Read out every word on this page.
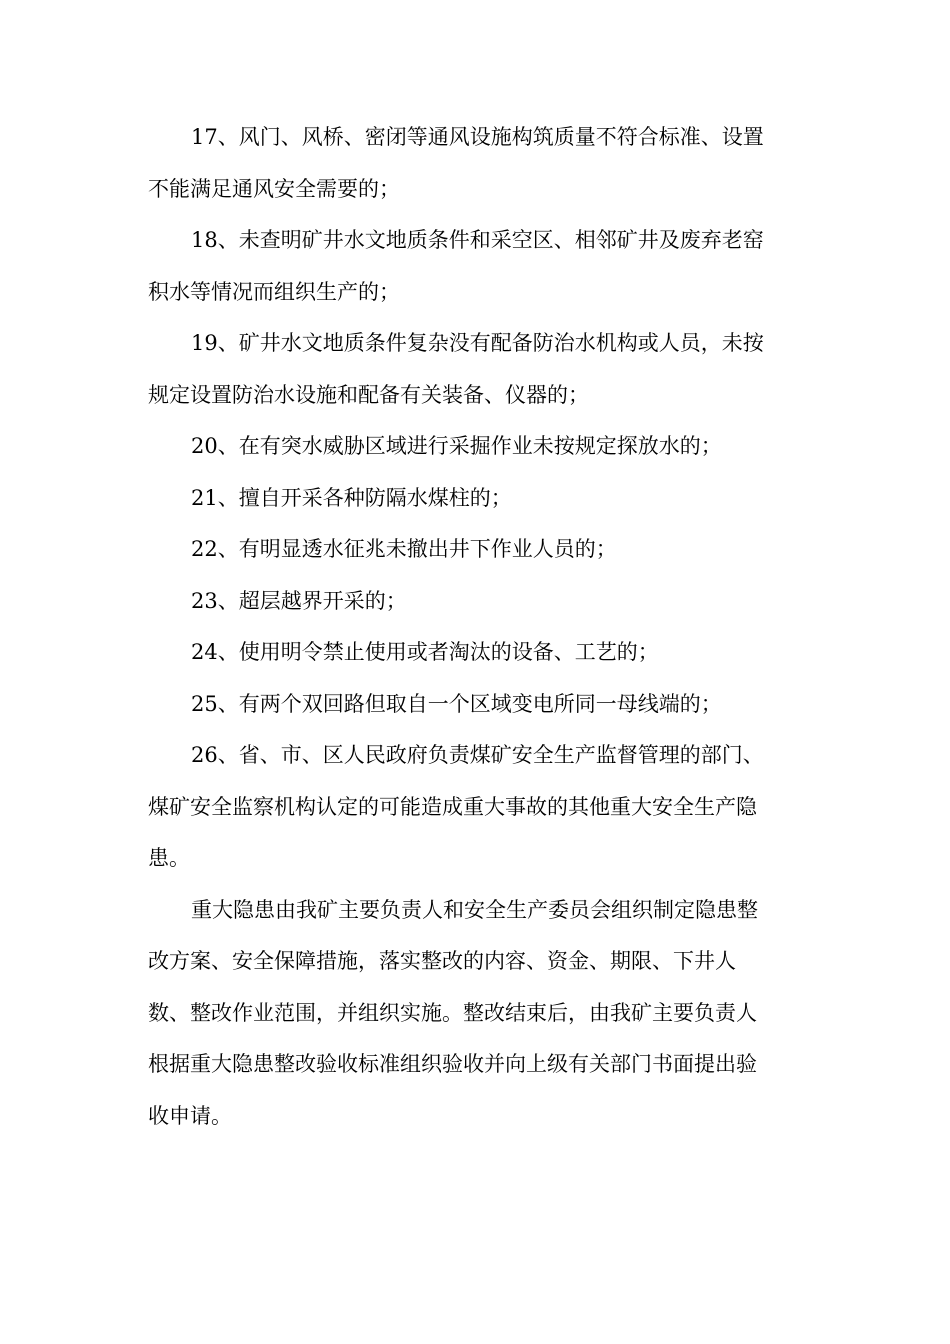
17、风门、风桥、密闭等通风设施构筑质量不符合标准、设置
不能满足通风安全需要的；
18、未查明矿井水文地质条件和采空区、相邻矿井及废弃老窑
积水等情况而组织生产的；
19、矿井水文地质条件复杂没有配备防治水机构或人员，未按
规定设置防治水设施和配备有关装备、仪器的；
20、在有突水威胁区域进行采掘作业未按规定探放水的；
21、擅自开采各种防隔水煤柱的；
22、有明显透水征兆未撤出井下作业人员的；
23、超层越界开采的；
24、使用明令禁止使用或者淘汰的设备、工艺的；
25、有两个双回路但取自一个区域变电所同一母线端的；
26、省、市、区人民政府负责煤矿安全生产监督管理的部门、
煤矿安全监察机构认定的可能造成重大事故的其他重大安全生产隐
患。
重大隐患由我矿主要负责人和安全生产委员会组织制定隐患整
改方案、安全保障措施，落实整改的内容、资金、期限、下井人
数、整改作业范围，并组织实施。整改结束后，由我矿主要负责人
根据重大隐患整改验收标准组织验收并向上级有关部门书面提出验
收申请。
